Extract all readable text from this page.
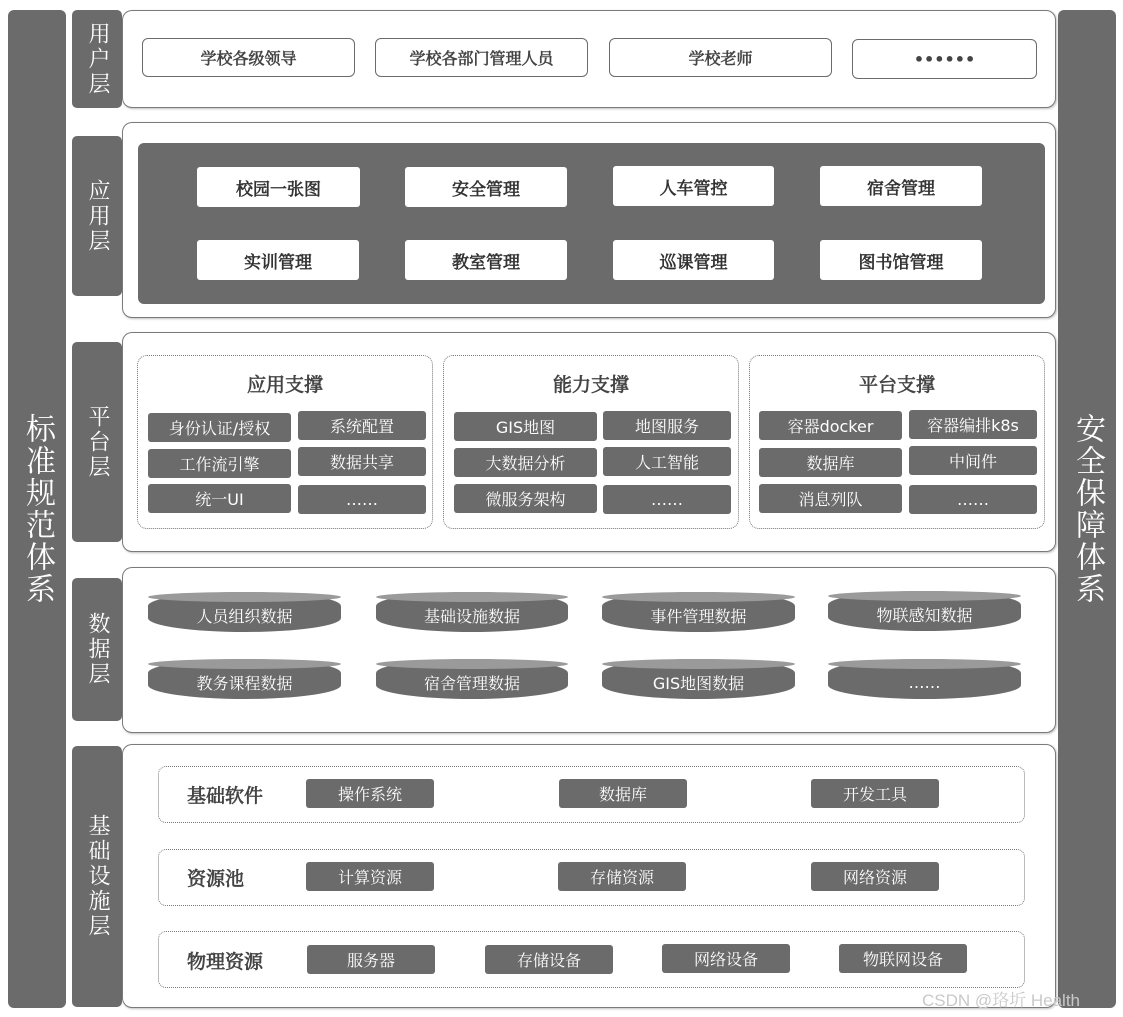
标准规范体系	安全保障体系
用户层	学校各级领导	学校各部门管理人员	学校老师	••••••
应用层	校园一张图	安全管理	人车管控	宿舍管理
实训管理	教室管理	巡课管理	图书馆管理
平台层
应用支撑
身份认证/授权	系统配置
工作流引擎	数据共享
统一UI	……
能力支撑
GIS地图	地图服务
大数据分析	人工智能
微服务架构	……
平台支撑
容器docker	容器编排k8s
数据库	中间件
消息列队	……
数据层	人员组织数据	基础设施数据	事件管理数据	物联感知数据
教务课程数据	宿舍管理数据	GIS地图数据	……
基础设施层
基础软件	操作系统	数据库	开发工具
资源池	计算资源	存储资源	网络资源
物理资源	服务器	存储设备	网络设备	物联网设备
CSDN @珞圻 Health
